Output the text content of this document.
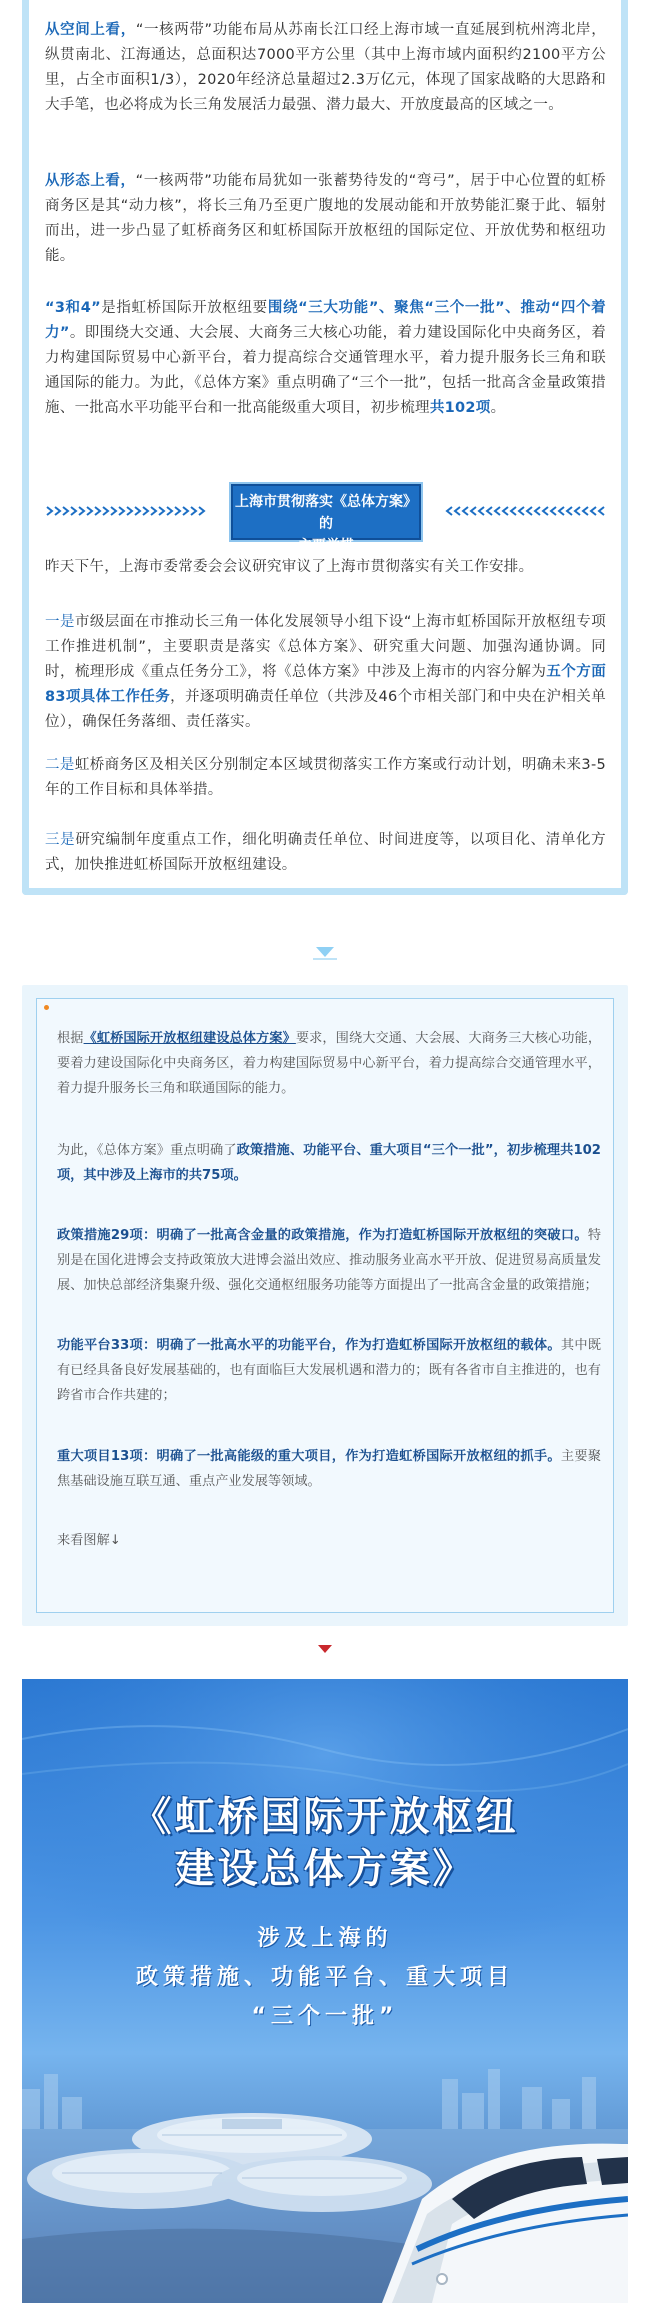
从空间上看，“一核两带”功能布局从苏南长江口经上海市域一直延展到杭州湾北岸，纵贯南北、江海通达，总面积达7000平方公里（其中上海市域内面积约2100平方公里，占全市面积1/3），2020年经济总量超过2.3万亿元，体现了国家战略的大思路和大手笔，也必将成为长三角发展活力最强、潜力最大、开放度最高的区域之一。

从形态上看，“一核两带”功能布局犹如一张蓄势待发的“弯弓”，居于中心位置的虹桥商务区是其“动力核”，将长三角乃至更广腹地的发展动能和开放势能汇聚于此、辐射而出，进一步凸显了虹桥商务区和虹桥国际开放枢纽的国际定位、开放优势和枢纽功能。

“3和4”是指虹桥国际开放枢纽要围绕“三大功能”、聚焦“三个一批”、推动“四个着力”。即围绕大交通、大会展、大商务三大核心功能，着力建设国际化中央商务区，着力构建国际贸易中心新平台，着力提高综合交通管理水平，着力提升服务长三角和联通国际的能力。为此，《总体方案》重点明确了“三个一批”，包括一批高含金量政策措施、一批高水平功能平台和一批高能级重大项目，初步梳理共102项。

上海市贯彻落实《总体方案》的
主要举措

昨天下午，上海市委常委会会议研究审议了上海市贯彻落实有关工作安排。

一是市级层面在市推动长三角一体化发展领导小组下设“上海市虹桥国际开放枢纽专项工作推进机制”，主要职责是落实《总体方案》、研究重大问题、加强沟通协调。同时，梳理形成《重点任务分工》，将《总体方案》中涉及上海市的内容分解为五个方面83项具体工作任务，并逐项明确责任单位（共涉及46个市相关部门和中央在沪相关单位），确保任务落细、责任落实。

二是虹桥商务区及相关区分别制定本区域贯彻落实工作方案或行动计划，明确未来3-5年的工作目标和具体举措。

三是研究编制年度重点工作，细化明确责任单位、时间进度等，以项目化、清单化方式，加快推进虹桥国际开放枢纽建设。

根据《虹桥国际开放枢纽建设总体方案》要求，围绕大交通、大会展、大商务三大核心功能，要着力建设国际化中央商务区，着力构建国际贸易中心新平台，着力提高综合交通管理水平，着力提升服务长三角和联通国际的能力。

为此，《总体方案》重点明确了政策措施、功能平台、重大项目“三个一批”，初步梳理共102项，其中涉及上海市的共75项。

政策措施29项：明确了一批高含金量的政策措施，作为打造虹桥国际开放枢纽的突破口。特别是在国化进博会支持政策放大进博会溢出效应、推动服务业高水平开放、促进贸易高质量发展、加快总部经济集聚升级、强化交通枢纽服务功能等方面提出了一批高含金量的政策措施；

功能平台33项：明确了一批高水平的功能平台，作为打造虹桥国际开放枢纽的载体。其中既有已经具备良好发展基础的，也有面临巨大发展机遇和潜力的；既有各省市自主推进的，也有跨省市合作共建的；

重大项目13项：明确了一批高能级的重大项目，作为打造虹桥国际开放枢纽的抓手。主要聚焦基础设施互联互通、重点产业发展等领域。

来看图解↓

《虹桥国际开放枢纽
建设总体方案》
涉及上海的
政策措施、功能平台、重大项目
“三个一批”
